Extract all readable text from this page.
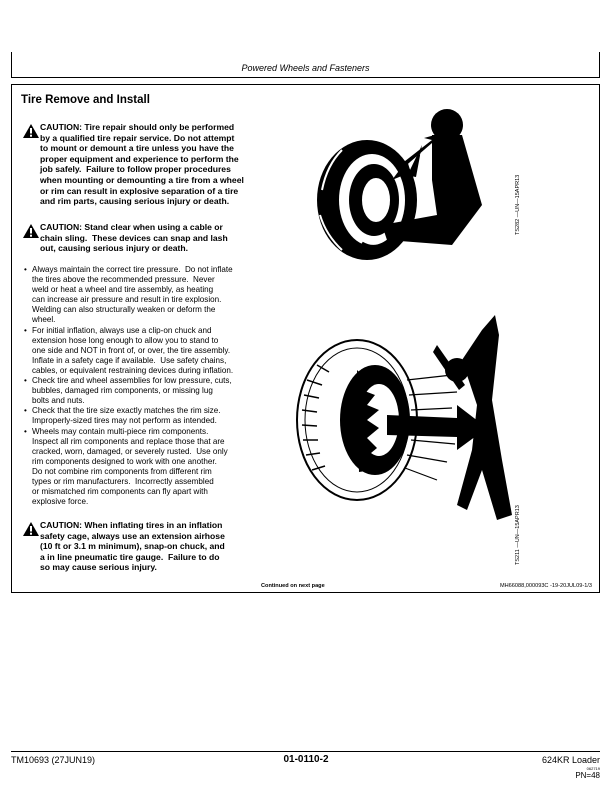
Powered Wheels and Fasteners
Tire Remove and Install
CAUTION: Tire repair should only be performed
by a qualified tire repair service. Do not attempt
to mount or demount a tire unless you have the
proper equipment and experience to perform the
job safely.  Failure to follow proper procedures
when mounting or demounting a tire from a wheel
or rim can result in explosive separation of a tire
and rim parts, causing serious injury or death.
CAUTION: Stand clear when using a cable or
chain sling.  These devices can snap and lash
out, causing serious injury or death.
• Always maintain the correct tire pressure.  Do not inflate
the tires above the recommended pressure.  Never
weld or heat a wheel and tire assembly, as heating
can increase air pressure and result in tire explosion.
Welding can also structurally weaken or deform the
wheel.
• For initial inflation, always use a clip-on chuck and
extension hose long enough to allow you to stand to
one side and NOT in front of, or over, the tire assembly.
Inflate in a safety cage if available.  Use safety chains,
cables, or equivalent restraining devices during inflation.
• Check tire and wheel assemblies for low pressure, cuts,
bubbles, damaged rim components, or missing lug
bolts and nuts.
• Check that the tire size exactly matches the rim size.
Improperly-sized tires may not perform as intended.
• Wheels may contain multi-piece rim components.
Inspect all rim components and replace those that are
cracked, worn, damaged, or severely rusted.  Use only
rim components designed to work with one another.
Do not combine rim components from different rim
types or rim manufacturers.  Incorrectly assembled
or mismatched rim components can fly apart with
explosive force.
CAUTION: When inflating tires in an inflation
safety cage, always use an extension airhose
(10 ft or 3.1 m minimum), snap-on chuck, and
a in line pneumatic tire gauge.  Failure to do
so may cause serious injury.
TS282 —UN—15APR13
TS211 —UN—15APR13
Continued on next page	MH66088,000093C -19-20JUL09-1/3
TM10693 (27JUN19)	01-0110-2	624KR Loader
062719
PN=48
